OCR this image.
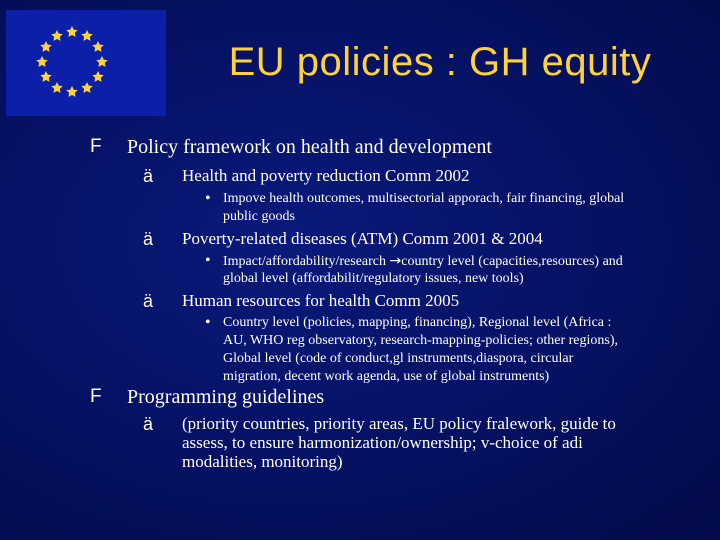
EU policies : GH equity
F Policy framework on health and development
ä Health and poverty reduction Comm 2002
• Impove health outcomes, multisectorial apporach, fair financing, global
public goods
ä Poverty-related diseases (ATM) Comm 2001 & 2004
• Impact/affordability/research →country level (capacities,resources) and
global level (affordabilit/regulatory issues, new tools)
ä Human resources for health Comm 2005
• Country level (policies, mapping, financing), Regional level (Africa :
AU, WHO reg observatory, research-mapping-policies; other regions),
Global level (code of conduct,gl instruments,diaspora, circular
migration, decent work agenda, use of global instruments)
F Programming guidelines
ä (priority countries, priority areas, EU policy fralework, guide to
assess, to ensure harmonization/ownership; v-choice of adi
modalities, monitoring)
